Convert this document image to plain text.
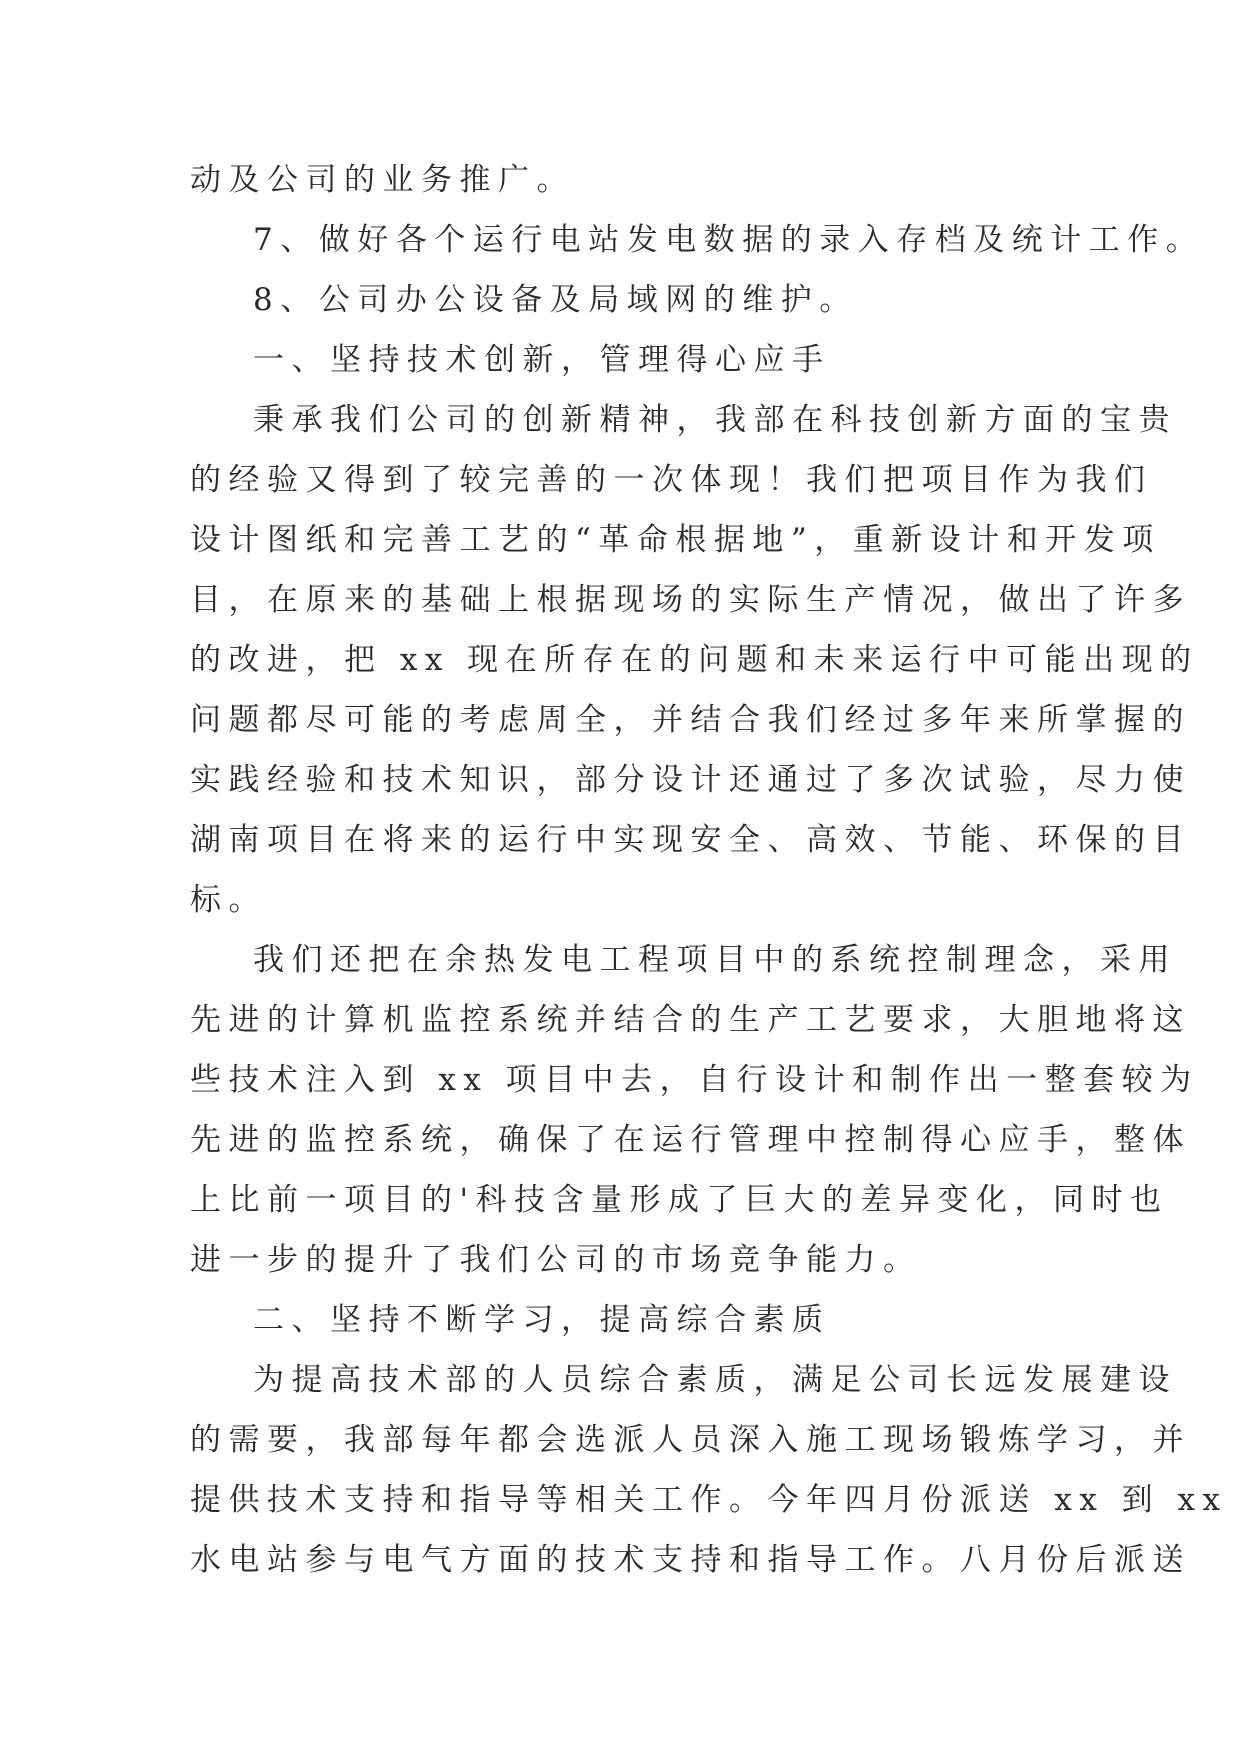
动及公司的业务推广。
7、做好各个运行电站发电数据的录入存档及统计工作。
8、公司办公设备及局域网的维护。
一、坚持技术创新，管理得心应手
秉承我们公司的创新精神，我部在科技创新方面的宝贵
的经验又得到了较完善的一次体现！我们把项目作为我们
设计图纸和完善工艺的“革命根据地”，重新设计和开发项
目，在原来的基础上根据现场的实际生产情况，做出了许多
的改进，把 xx 现在所存在的问题和未来运行中可能出现的
问题都尽可能的考虑周全，并结合我们经过多年来所掌握的
实践经验和技术知识，部分设计还通过了多次试验，尽力使
湖南项目在将来的运行中实现安全、高效、节能、环保的目
标。
我们还把在余热发电工程项目中的系统控制理念，采用
先进的计算机监控系统并结合的生产工艺要求，大胆地将这
些技术注入到 xx 项目中去，自行设计和制作出一整套较为
先进的监控系统，确保了在运行管理中控制得心应手，整体
上比前一项目的'科技含量形成了巨大的差异变化，同时也
进一步的提升了我们公司的市场竞争能力。
二、坚持不断学习，提高综合素质
为提高技术部的人员综合素质，满足公司长远发展建设
的需要，我部每年都会选派人员深入施工现场锻炼学习，并
提供技术支持和指导等相关工作。今年四月份派送 xx 到 xx
水电站参与电气方面的技术支持和指导工作。八月份后派送
